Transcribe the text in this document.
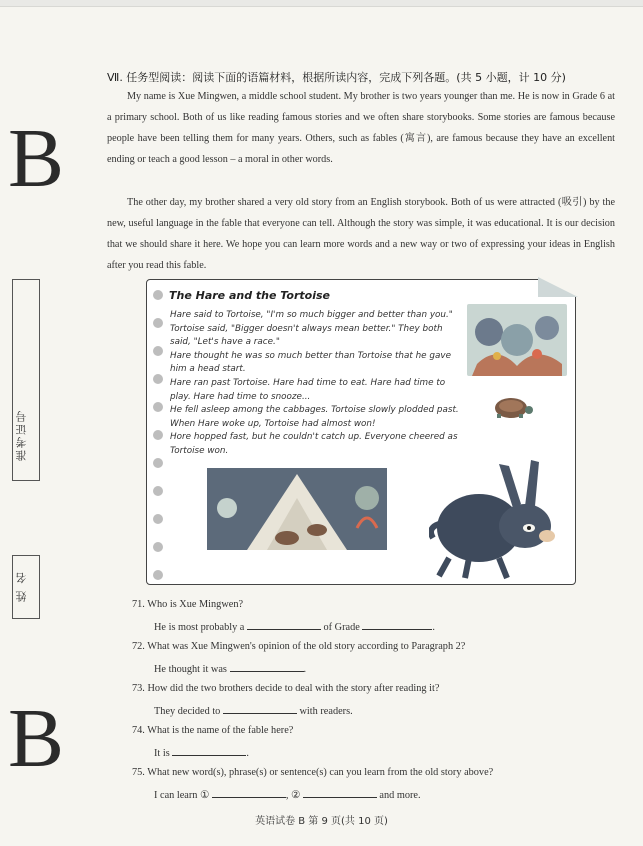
B
B
准考证号
姓 名
Ⅶ. 任务型阅读：阅读下面的语篇材料，根据所读内容，完成下列各题。(共 5 小题，计 10 分)
My name is Xue Mingwen, a middle school student. My brother is two years younger than me. He is now in Grade 6 at a primary school. Both of us like reading famous stories and we often share storybooks. Some stories are famous because people have been telling them for many years. Others, such as fables (寓言), are famous because they have an excellent ending or teach a good lesson – a moral in other words.
The other day, my brother shared a very old story from an English storybook. Both of us were attracted (吸引) by the new, useful language in the fable that everyone can tell. Although the story was simple, it was educational. It is our decision that we should share it here. We hope you can learn more words and a new way or two of expressing your ideas in English after you read this fable.
The Hare and the Tortoise
Hare said to Tortoise, "I'm so much bigger and better than you." Tortoise said, "Bigger doesn't always mean better." They both said, "Let's have a race."
Hare thought he was so much better than Tortoise that he gave him a head start.
Hare ran past Tortoise. Hare had time to eat. Hare had time to play. Hare had time to snooze...
He fell asleep among the cabbages. Tortoise slowly plodded past. When Hare woke up, Tortoise had almost won!
Hore hopped fast, but he couldn't catch up. Everyone cheered as Tortoise won.
71. Who is Xue Mingwen?
He is most probably a	of Grade	.
72. What was Xue Mingwen's opinion of the old story according to Paragraph 2?
He thought it was	.
73. How did the two brothers decide to deal with the story after reading it?
They decided to	with readers.
74. What is the name of the fable here?
It is	.
75. What new word(s), phrase(s) or sentence(s) can you learn from the old story above?
I can learn ①	, ②	and more.
英语试卷 B 第 9 页(共 10 页)
